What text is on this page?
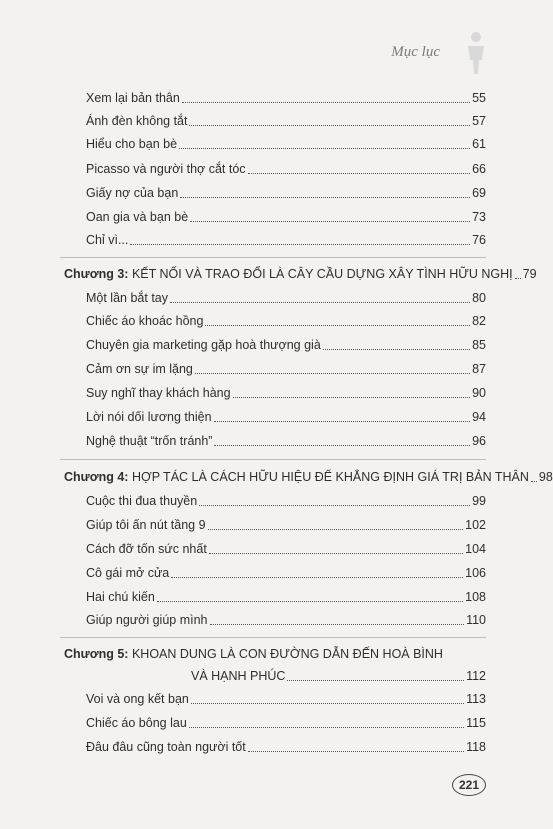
Mục lục
Xem lại bản thân	55
Ánh đèn không tắt	57
Hiểu cho bạn bè	61
Picasso và người thợ cắt tóc	66
Giấy nợ của bạn	69
Oan gia và bạn bè	73
Chỉ vì...	76
Chương 3: KẾT NỐI VÀ TRAO ĐỔI LÀ CÂY CẦU DỰNG XÂY TÌNH HỮU NGHỊ 79
Một lần bắt tay	80
Chiếc áo khoác hồng	82
Chuyên gia marketing gặp hoà thượng già	85
Cảm ơn sự im lặng	87
Suy nghĩ thay khách hàng	90
Lời nói dối lương thiện	94
Nghệ thuật “trốn tránh”	96
Chương 4: HỢP TÁC LÀ CÁCH HỮU HIỆU ĐỂ KHẲNG ĐỊNH GIÁ TRỊ BẢN THÂN 98
Cuộc thi đua thuyền	99
Giúp tôi ấn nút tầng 9	102
Cách đỡ tốn sức nhất	104
Cô gái mở cửa	106
Hai chú kiến	108
Giúp người giúp mình	110
Chương 5: KHOAN DUNG LÀ CON ĐƯỜNG DẪN ĐẾN HOÀ BÌNH
VÀ HẠNH PHÚC	112
Voi và ong kết bạn	113
Chiếc áo bông lau	115
Đâu đâu cũng toàn người tốt	118
221
